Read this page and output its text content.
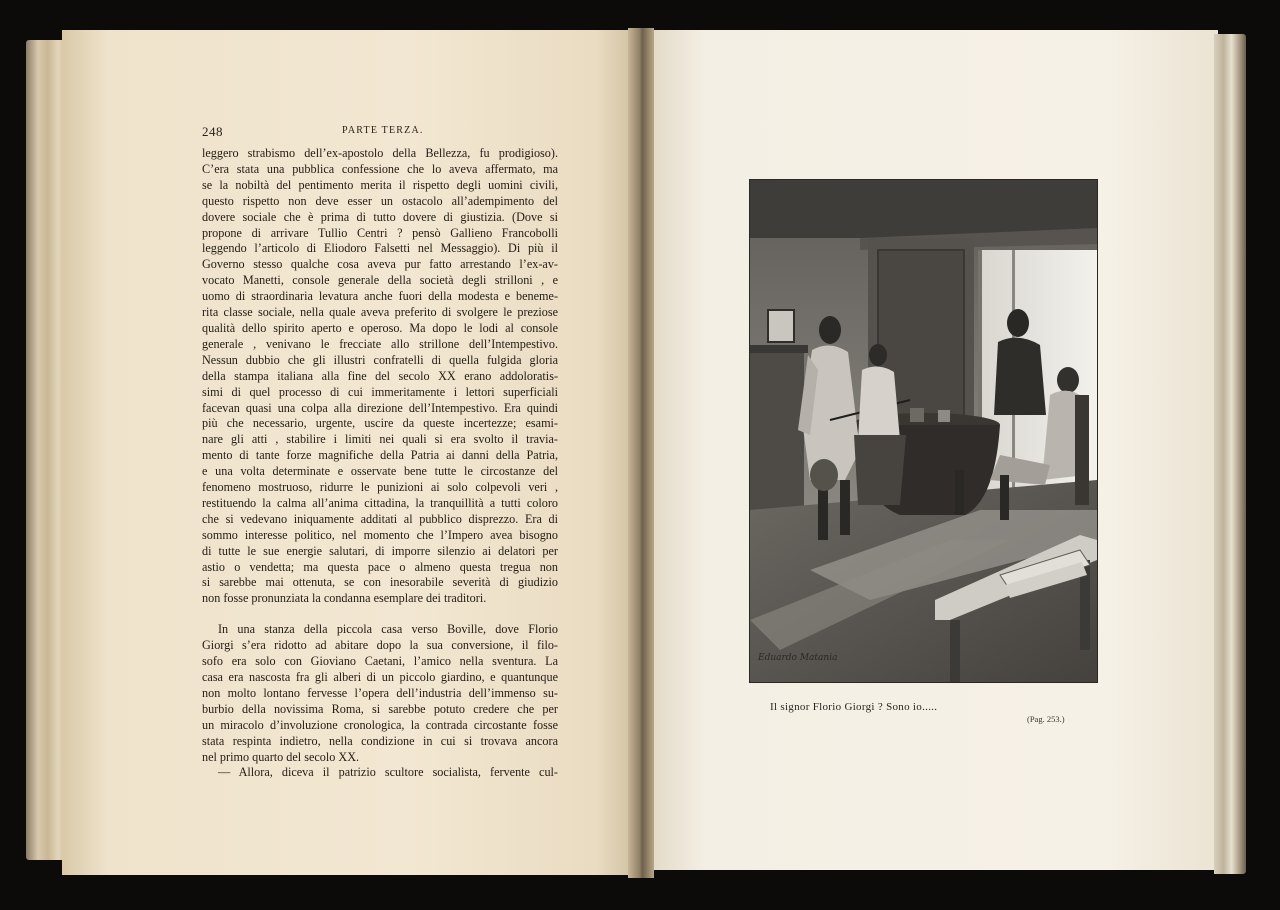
248	PARTE TERZA.
leggero strabismo dell’ex-apostolo della Bellezza, fu prodigioso).
C’era stata una pubblica confessione che lo aveva affermato, ma
se la nobiltà del pentimento merita il rispetto degli uomini civili,
questo rispetto non deve esser un ostacolo all’adempimento del
dovere sociale che è prima di tutto dovere di giustizia. (Dove si
propone di arrivare Tullio Centri ? pensò Gallieno Francobolli
leggendo l’articolo di Eliodoro Falsetti nel Messaggio). Di più il
Governo stesso qualche cosa aveva pur fatto arrestando l’ex-av-
vocato Manetti, console generale della società degli strilloni , e
uomo di straordinaria levatura anche fuori della modesta e beneme-
rita classe sociale, nella quale aveva preferito di svolgere le preziose
qualità dello spirito aperto e operoso. Ma dopo le lodi al console
generale , venivano le frecciate allo strillone dell’Intempestivo.
Nessun dubbio che gli illustri confratelli di quella fulgida gloria
della stampa italiana alla fine del secolo XX erano addoloratis-
simi di quel processo di cui immeritamente i lettori superficiali
facevan quasi una colpa alla direzione dell’Intempestivo. Era quindi
più che necessario, urgente, uscire da queste incertezze; esami-
nare gli atti , stabilire i limiti nei quali si era svolto il travia-
mento di tante forze magnifiche della Patria ai danni della Patria,
e una volta determinate e osservate bene tutte le circostanze del
fenomeno mostruoso, ridurre le punizioni ai solo colpevoli veri ,
restituendo la calma all’anima cittadina, la tranquillità a tutti coloro
che si vedevano iniquamente additati al pubblico disprezzo. Era di
sommo interesse politico, nel momento che l’Impero avea bisogno
di tutte le sue energie salutari, di imporre silenzio ai delatori per
astio o vendetta; ma questa pace o almeno questa tregua non
si sarebbe mai ottenuta, se con inesorabile severità di giudizio
non fosse pronunziata la condanna esemplare dei traditori.
In una stanza della piccola casa verso Boville, dove Florio
Giorgi s’era ridotto ad abitare dopo la sua conversione, il filo-
sofo era solo con Gioviano Caetani, l’amico nella sventura. La
casa era nascosta fra gli alberi di un piccolo giardino, e quantunque
non molto lontano fervesse l’opera dell’industria dell’immenso su-
burbio della novissima Roma, si sarebbe potuto credere che per
un miracolo d’involuzione cronologica, la contrada circostante fosse
stata respinta indietro, nella condizione in cui si trovava ancora
nel primo quarto del secolo XX.
— Allora, diceva il patrizio scultore socialista, fervente cul-
Eduardo Matania
Il signor Florio Giorgi ? Sono io.....
(Pag. 253.)
